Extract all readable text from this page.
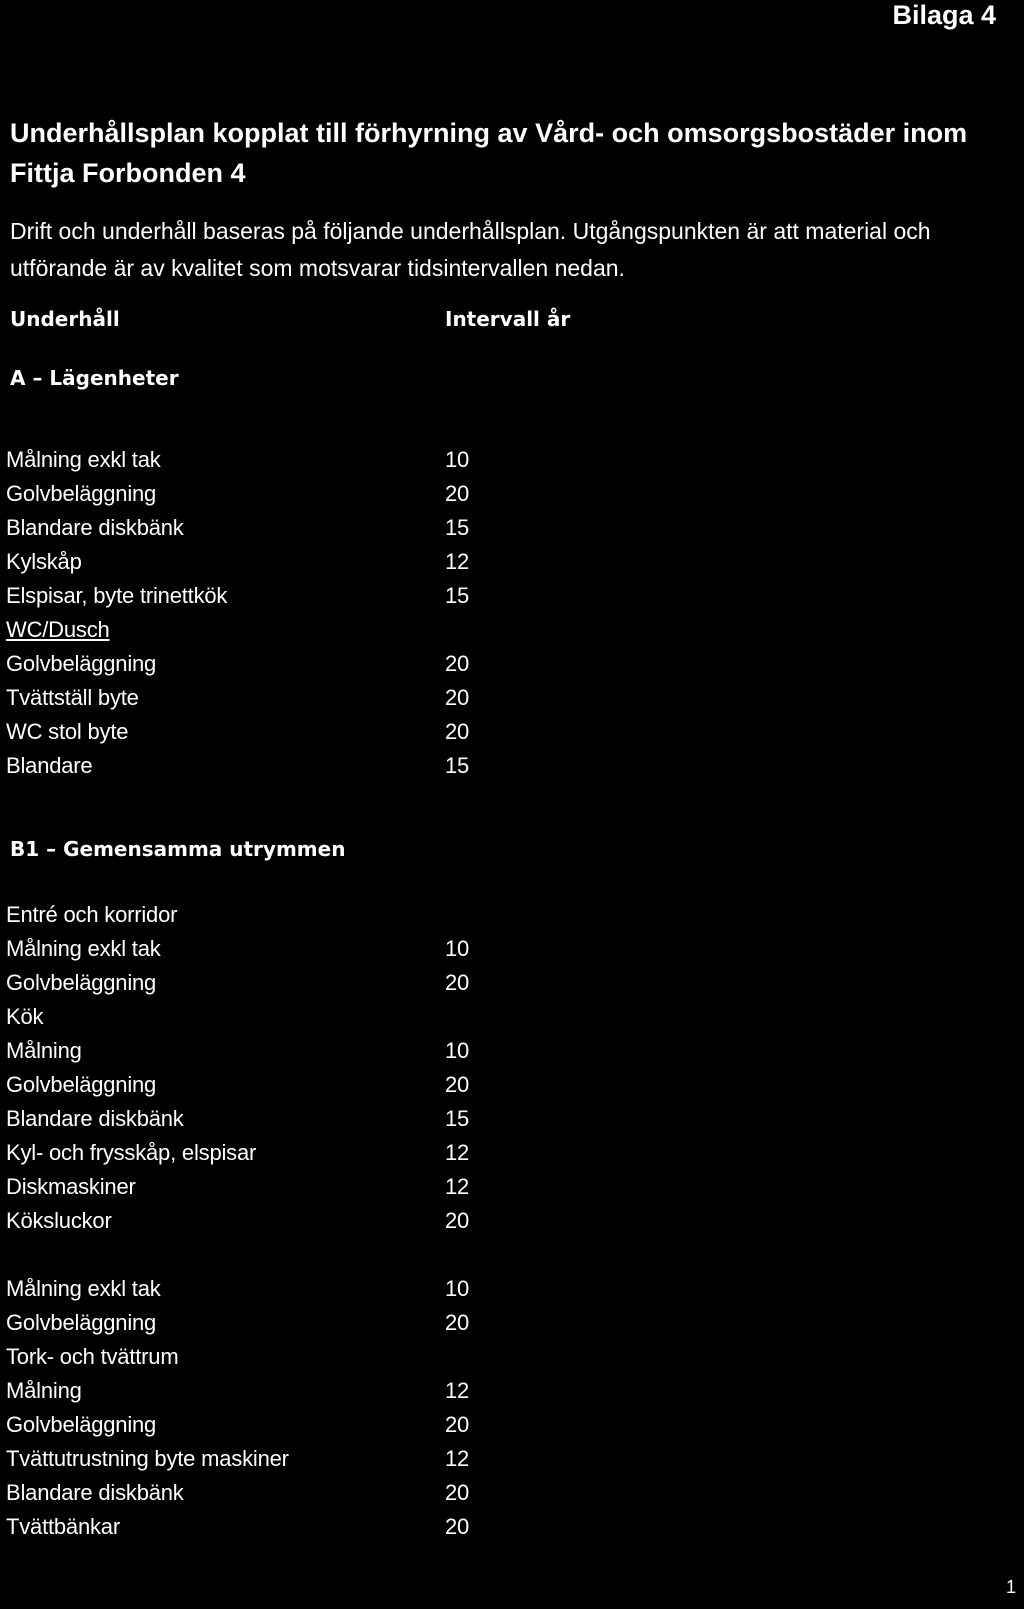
Bilaga 4
Underhållsplan kopplat till förhyrning av Vård- och omsorgsbostäder inom Fittja Forbonden 4

Drift och underhåll baseras på följande underhållsplan. Utgångspunkten är att material och utförande är av kvalitet som motsvarar tidsintervallen nedan.

Underhåll	Intervall år
A – Lägenheter
Målning exkl tak	10
Golvbeläggning	20
Blandare diskbänk	15
Kylskåp	12
Elspisar, byte trinettkök	15
WC/Dusch
Golvbeläggning	20
Tvättställ byte	20
WC stol byte	20
Blandare	15
B1 – Gemensamma utrymmen
Entré och korridor
Målning exkl tak	10
Golvbeläggning	20
Kök
Målning	10
Golvbeläggning	20
Blandare diskbänk	15
Kyl- och frysskåp, elspisar	12
Diskmaskiner	12
Köksluckor	20
Målning exkl tak	10
Golvbeläggning	20
Tork- och tvättrum
Målning	12
Golvbeläggning	20
Tvättutrustning byte maskiner	12
Blandare diskbänk	20
Tvättbänkar	20
1
